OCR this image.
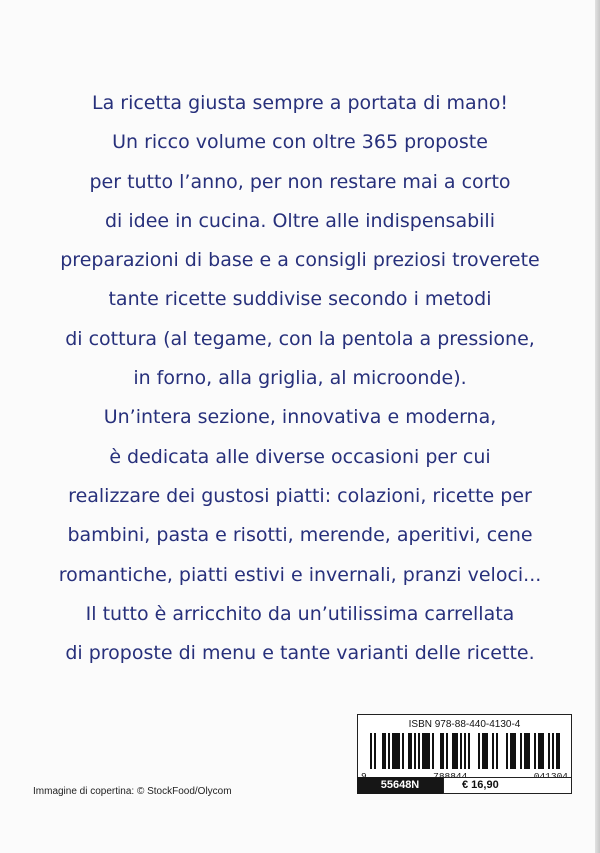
La ricetta giusta sempre a portata di mano!
Un ricco volume con oltre 365 proposte
per tutto l’anno, per non restare mai a corto
di idee in cucina. Oltre alle indispensabili
preparazioni di base e a consigli preziosi troverete
tante ricette suddivise secondo i metodi
di cottura (al tegame, con la pentola a pressione,
in forno, alla griglia, al microonde).
Un’intera sezione, innovativa e moderna,
è dedicata alle diverse occasioni per cui
realizzare dei gustosi piatti: colazioni, ricette per
bambini, pasta e risotti, merende, aperitivi, cene
romantiche, piatti estivi e invernali, pranzi veloci...
Il tutto è arricchito da un’utilissima carrellata
di proposte di menu e tante varianti delle ricette.
Immagine di copertina: © StockFood/Olycom
ISBN 978-88-440-4130-4
55648N	€ 16,90
